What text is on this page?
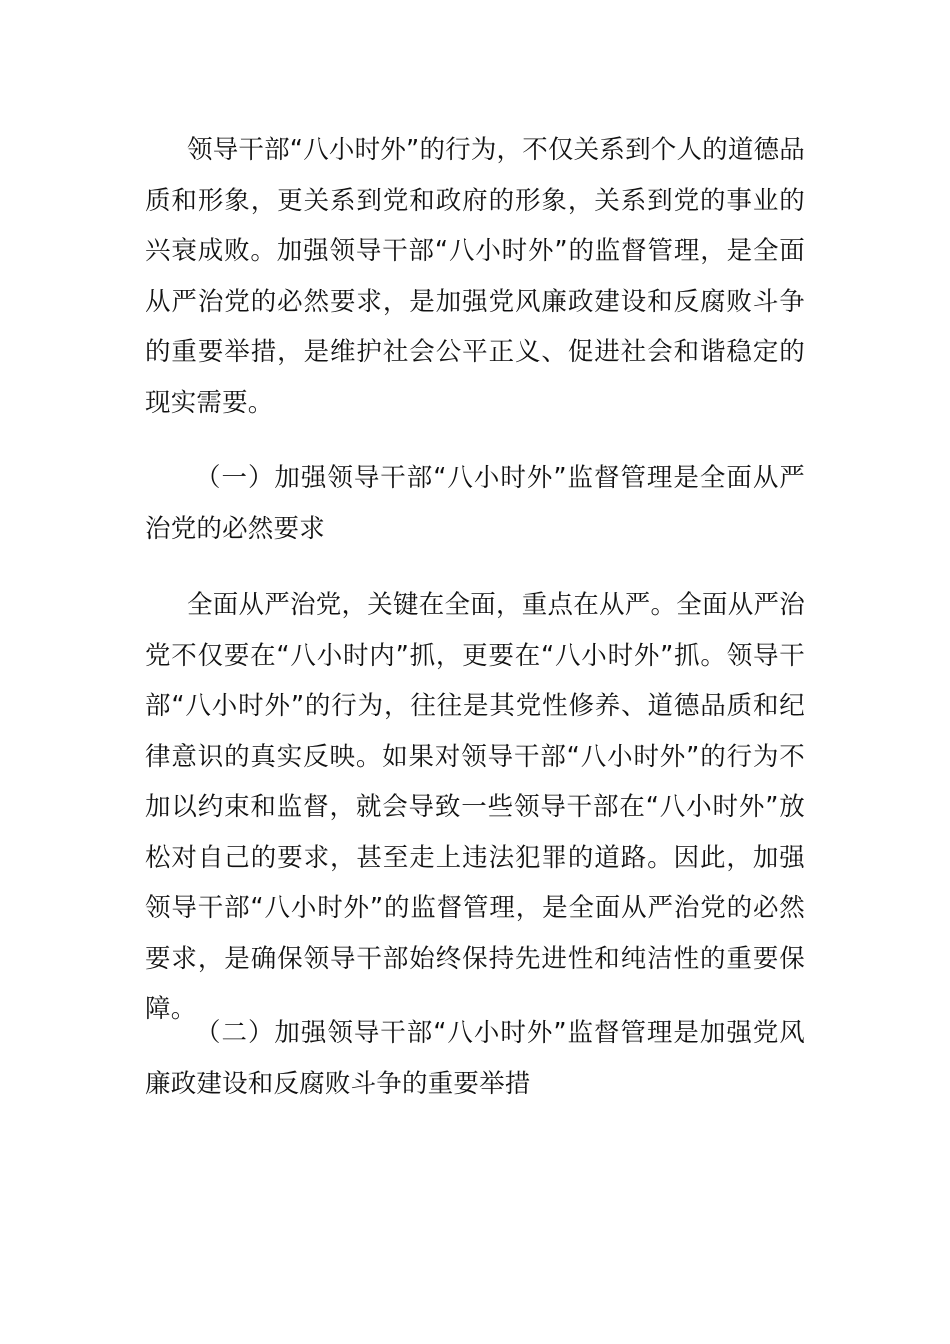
领导干部“八小时外”的行为，不仅关系到个人的道德品质和形象，更关系到党和政府的形象，关系到党的事业的兴衰成败。加强领导干部“八小时外”的监督管理，是全面从严治党的必然要求，是加强党风廉政建设和反腐败斗争的重要举措，是维护社会公平正义、促进社会和谐稳定的现实需要。

（一）加强领导干部“八小时外”监督管理是全面从严治党的必然要求

全面从严治党，关键在全面，重点在从严。全面从严治党不仅要在“八小时内”抓，更要在“八小时外”抓。领导干部“八小时外”的行为，往往是其党性修养、道德品质和纪律意识的真实反映。如果对领导干部“八小时外”的行为不加以约束和监督，就会导致一些领导干部在“八小时外”放松对自己的要求，甚至走上违法犯罪的道路。因此，加强领导干部“八小时外”的监督管理，是全面从严治党的必然要求，是确保领导干部始终保持先进性和纯洁性的重要保障。

（二）加强领导干部“八小时外”监督管理是加强党风廉政建设和反腐败斗争的重要举措
